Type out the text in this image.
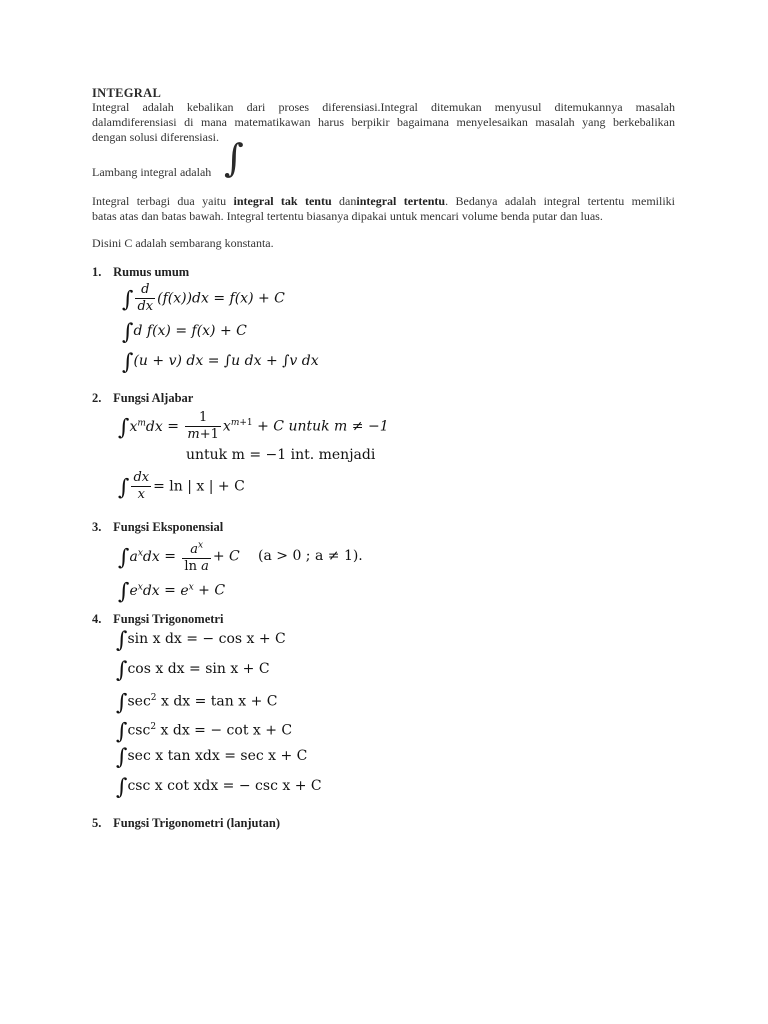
INTEGRAL
Integral adalah kebalikan dari proses diferensiasi.Integral ditemukan menyusul ditemukannya masalah
dalamdiferensiasi di mana matematikawan harus berpikir bagaimana menyelesaikan masalah yang berkebalikan
dengan solusi diferensiasi.
Lambang integral adalah ∫
Integral terbagi dua yaitu integral tak tentu danintegral tertentu. Bedanya adalah integral tertentu memiliki
batas atas dan batas bawah. Integral tertentu biasanya dipakai untuk mencari volume benda putar dan luas.
Disini C adalah sembarang konstanta.
1. Rumus umum
∫ $\frac{d}{dx} (f(x))dx = f(x) + C$
∫d f(x) = f(x) + C
∫(u + v) dx = ∫u dx + ∫v dx
2. Fungsi Aljabar
$\int x^mdx = \frac{1}{m+1} x^{m+1} + C$ untuk m ≠ −1
untuk m = −1 int. menjadi
∫ $\frac{dx}{x} = \ln$ | x | + C
3. Fungsi Eksponensial
$\int a^xdx = \frac{a^x}{\text{ln a}} + C$ (a > 0 ; a ≠ 1).
$\int e^xdx = e^x + C$
4. Fungsi Trigonometri
∫sin x dx = − cos x + C
∫cos x dx = sin x + C
$\int\sec^2$ x dx = tan x + C
$\int\csc^2$ x dx = − cot x + C
∫sec x tan xdx = sec x + C
∫csc x cot xdx = − csc x + C
5. Fungsi Trigonometri (lanjutan)
